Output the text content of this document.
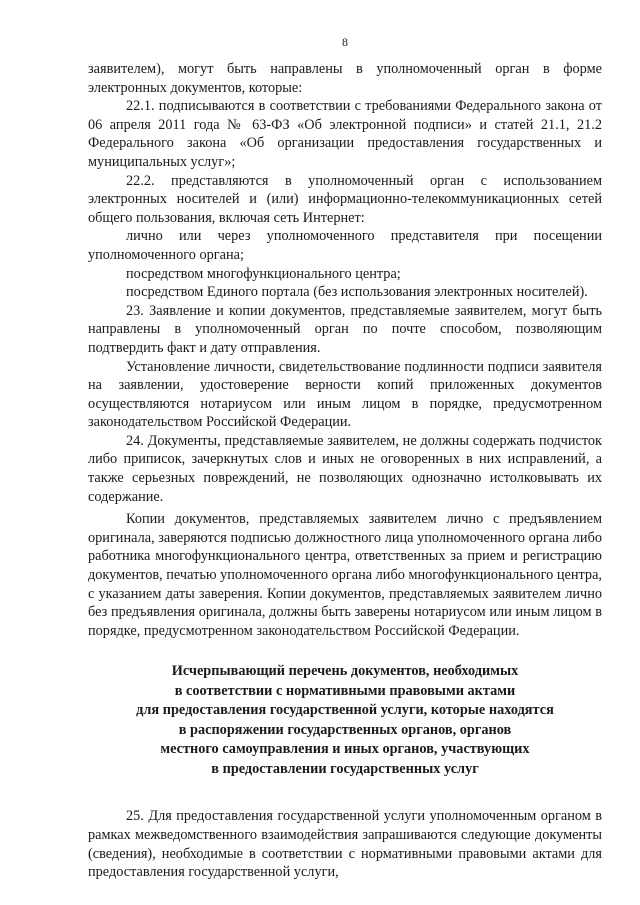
8

заявителем), могут быть направлены в уполномоченный орган в форме электронных документов, которые:

22.1. подписываются в соответствии с требованиями Федерального закона от 06 апреля 2011 года № 63-ФЗ «Об электронной подписи» и статей 21.1, 21.2 Федерального закона «Об организации предоставления государственных и муниципальных услуг»;

22.2. представляются в уполномоченный орган с использованием электронных носителей и (или) информационно-телекоммуникационных сетей общего пользования, включая сеть Интернет:

лично или через уполномоченного представителя при посещении уполномоченного органа;

посредством многофункционального центра;

посредством Единого портала (без использования электронных носителей).

23. Заявление и копии документов, представляемые заявителем, могут быть направлены в уполномоченный орган по почте способом, позволяющим подтвердить факт и дату отправления.

Установление личности, свидетельствование подлинности подписи заявителя на заявлении, удостоверение верности копий приложенных документов осуществляются нотариусом или иным лицом в порядке, предусмотренном законодательством Российской Федерации.

24. Документы, представляемые заявителем, не должны содержать подчисток либо приписок, зачеркнутых слов и иных не оговоренных в них исправлений, а также серьезных повреждений, не позволяющих однозначно истолковывать их содержание.

Копии документов, представляемых заявителем лично с предъявлением оригинала, заверяются подписью должностного лица уполномоченного органа либо работника многофункционального центра, ответственных за прием и регистрацию документов, печатью уполномоченного органа либо многофункционального центра, с указанием даты заверения. Копии документов, представляемых заявителем лично без предъявления оригинала, должны быть заверены нотариусом или иным лицом в порядке, предусмотренном законодательством Российской Федерации.

Исчерпывающий перечень документов, необходимых
в соответствии с нормативными правовыми актами
для предоставления государственной услуги, которые находятся
в распоряжении государственных органов, органов
местного самоуправления и иных органов, участвующих
в предоставлении государственных услуг

25. Для предоставления государственной услуги уполномоченным органом в рамках межведомственного взаимодействия запрашиваются следующие документы (сведения), необходимые в соответствии с нормативными правовыми актами для предоставления государственной услуги,
